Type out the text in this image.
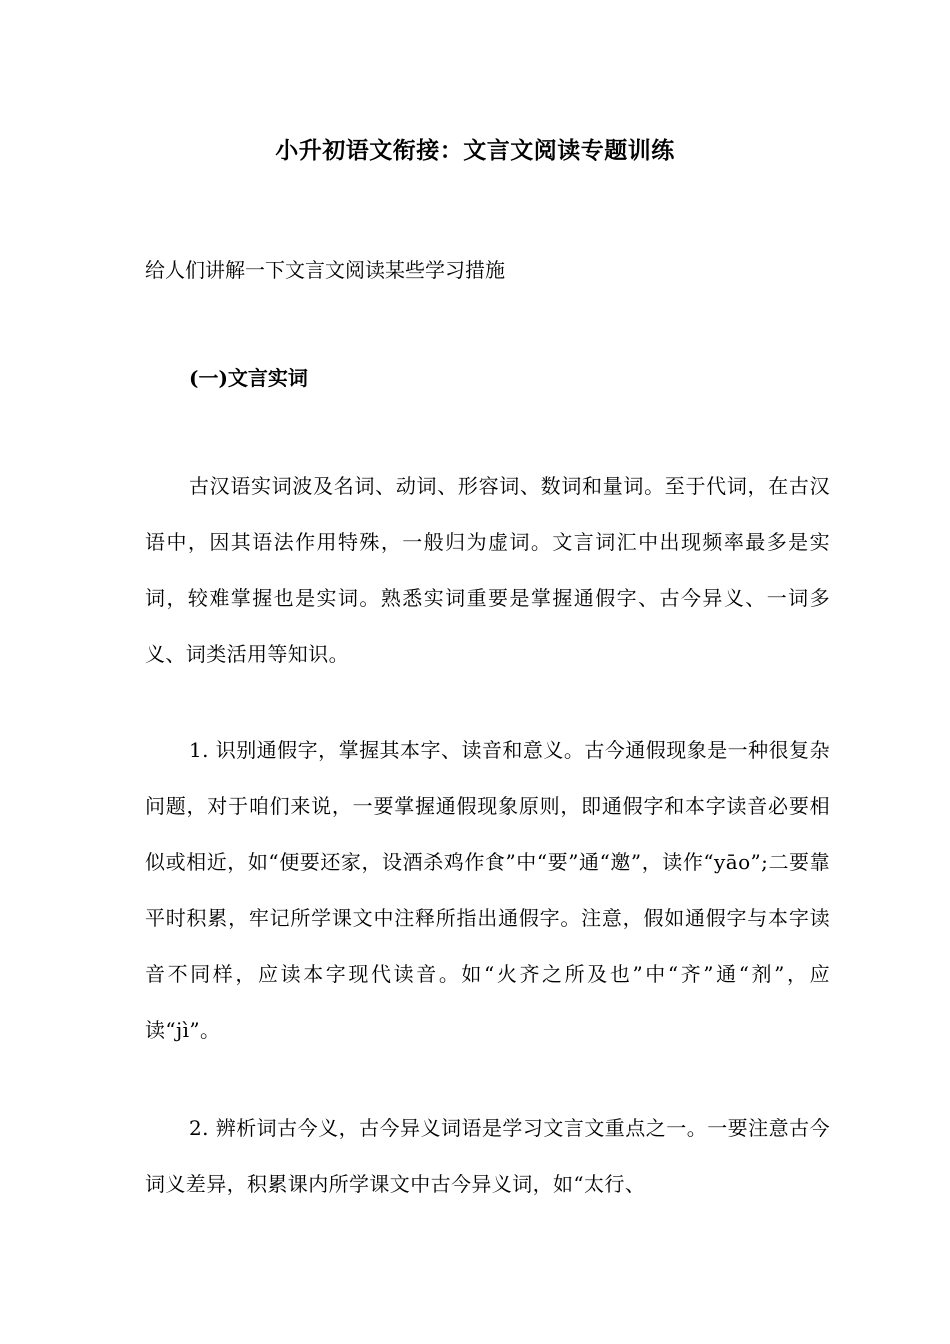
小升初语文衔接：文言文阅读专题训练
给人们讲解一下文言文阅读某些学习措施
(一)文言实词

古汉语实词波及名词、动词、形容词、数词和量词。至于代词，在古汉语中，因其语法作用特殊，一般归为虚词。文言词汇中出现频率最多是实词，较难掌握也是实词。熟悉实词重要是掌握通假字、古今异义、一词多义、词类活用等知识。

1. 识别通假字，掌握其本字、读音和意义。古今通假现象是一种很复杂问题，对于咱们来说，一要掌握通假现象原则，即通假字和本字读音必要相似或相近，如“便要还家，设酒杀鸡作食”中“要”通“邀”，读作“yāo”;二要靠平时积累，牢记所学课文中注释所指出通假字。注意，假如通假字与本字读音不同样，应读本字现代读音。如“火齐之所及也”中“齐”通“剂”，应读“jì”。

2. 辨析词古今义，古今异义词语是学习文言文重点之一。一要注意古今词义差异，积累课内所学课文中古今异义词，如“太行、
